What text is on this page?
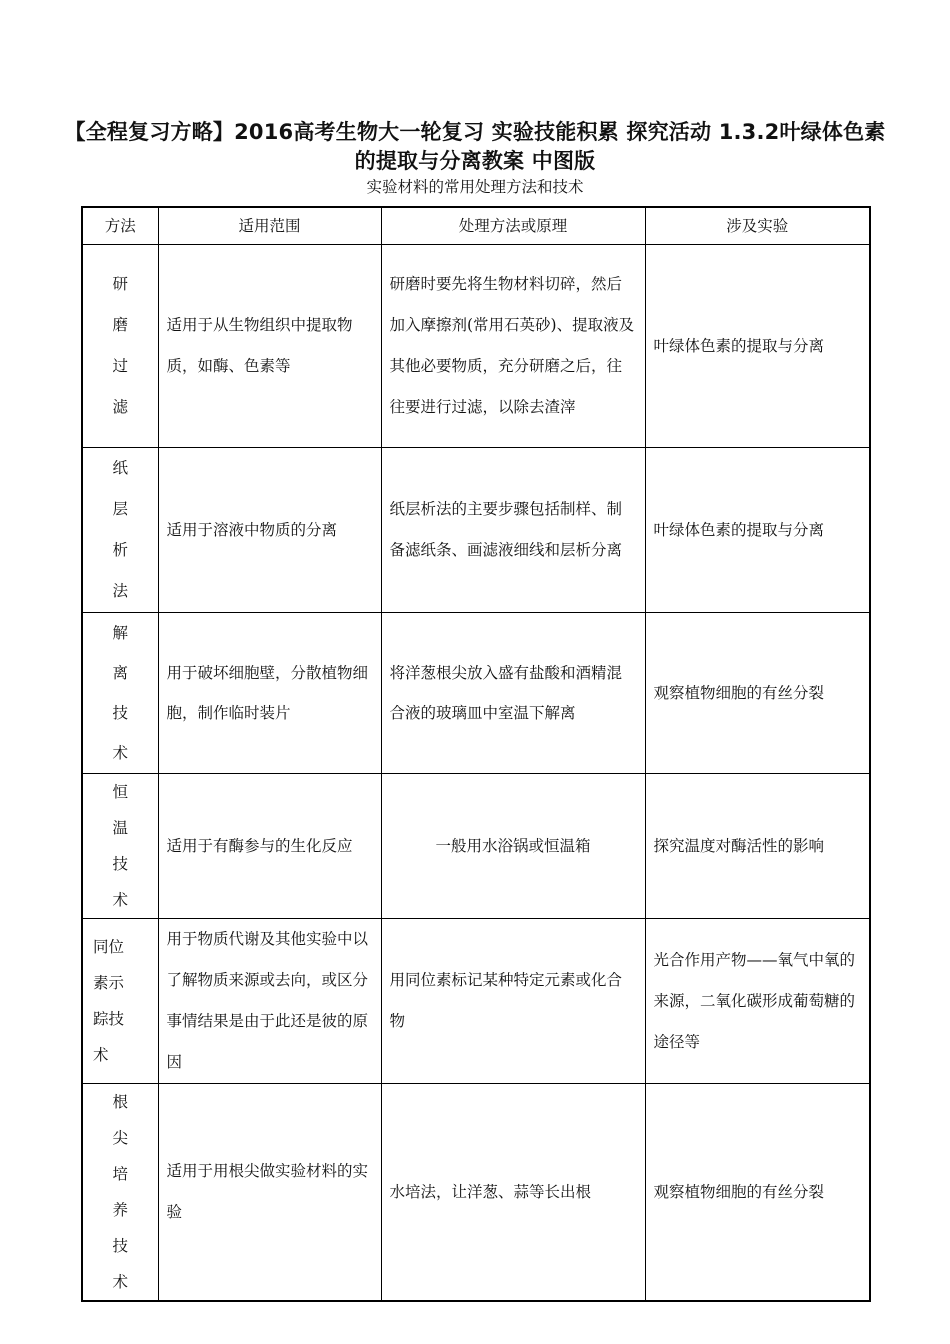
【全程复习方略】2016高考生物大一轮复习 实验技能积累 探究活动 1.3.2叶绿体色素的提取与分离教案 中图版
实验材料的常用处理方法和技术
方法	适用范围	处理方法或原理	涉及实验
研磨过滤	适用于从生物组织中提取物质，如酶、色素等	研磨时要先将生物材料切碎，然后加入摩擦剂(常用石英砂)、提取液及其他必要物质，充分研磨之后，往往要进行过滤，以除去渣滓	叶绿体色素的提取与分离
纸层析法	适用于溶液中物质的分离	纸层析法的主要步骤包括制样、制备滤纸条、画滤液细线和层析分离	叶绿体色素的提取与分离
解离技术	用于破坏细胞壁，分散植物细胞，制作临时装片	将洋葱根尖放入盛有盐酸和酒精混合液的玻璃皿中室温下解离	观察植物细胞的有丝分裂
恒温技术	适用于有酶参与的生化反应	一般用水浴锅或恒温箱	探究温度对酶活性的影响
同位素示踪技术	用于物质代谢及其他实验中以了解物质来源或去向，或区分事情结果是由于此还是彼的原因	用同位素标记某种特定元素或化合物	光合作用产物——氧气中氧的来源，二氧化碳形成葡萄糖的途径等
根尖培养技术	适用于用根尖做实验材料的实验	水培法，让洋葱、蒜等长出根	观察植物细胞的有丝分裂
